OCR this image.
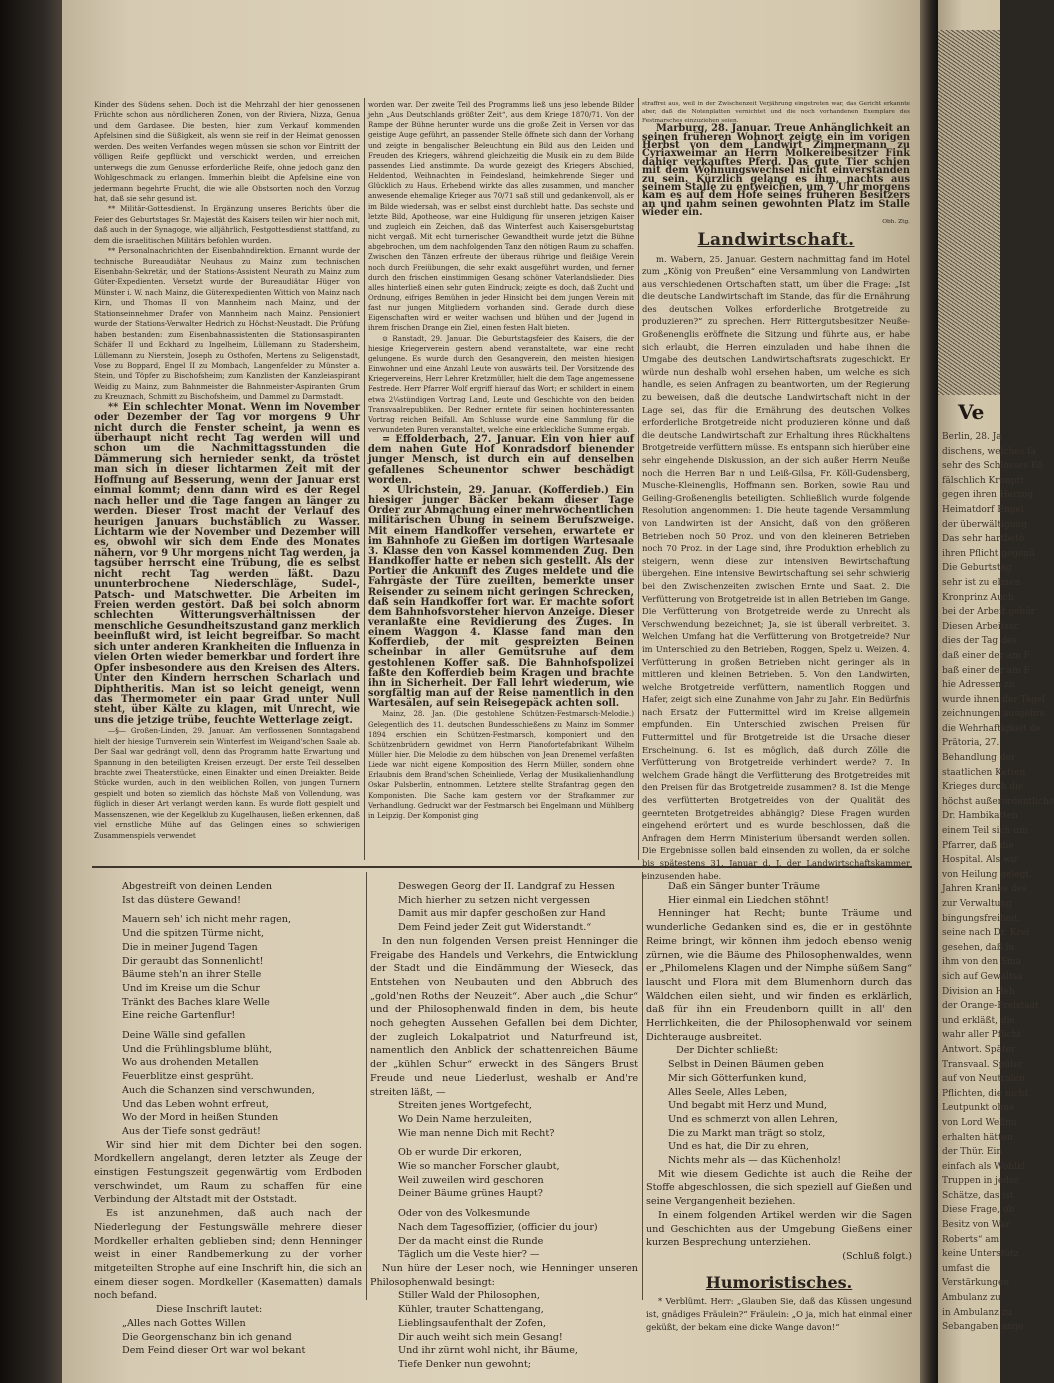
Ve
Berlin, 28. Ja
dischens, welches fa
sehr des Schlosses Kö
fälschlich Kronpri
gegen ihren Herzog
Heimatdorf Engel
der überwältigung
Das sehr hartbetö
ihren Pflicht gegenü
Die Geburtstag
sehr ist zu ebnen
Kronprinz Auch
bei der Arbeit gehör
Diesen Arbeitssc
dies der Tag des
daß einer der am F
baß einer der am F
hie Adressen zu
wurde ihnen der Tegel
zeichnungen ausgebre
die Wehrhaftigkeit de
Prätoria, 27.
Behandlung der
staatlichen Ketten
Krieges durch die
höchst außerordentliche
Dr. Hambikatten
einem Teil sich um
Pfarrer, daß die
Hospital. Als wir
von Heilung gelegt,
Jahren Kranke des
zur Verwaltung
bingungsfreiheit.
seine nach Dr. Krei
gesehen, daß in
ihm von den Sma
sich auf Gewaltsa
Division an Heh
der Orange-Freistaat
und erkläßt, die
wahr aller Pflicht
Antwort. Später
Transvaal. Spüler
auf von Neutralen
Pflichten, die nicht
Leutpunkt ohne
von Lord Wellmi
erhalten hätten
der Thür. Ein
einfach als Wohlkl
Truppen in jeder
Schätze, das ist
Diese Frage, ob
Besitz von War
Roberts“ am
keine Unterstütz
umfast die
Verstärkungen
Ambulanz zu
in Ambulanz zu
Sebangaben ange

Kinder des Südens sehen. Doch ist die Mehrzahl der hier genossenen Früchte schon aus nördlicheren Zonen, von der Riviera, Nizza, Genua und dem Gardasee. Die besten, hier zum Verkauf kommenden Apfelsinen sind die Süßigkeit, als wenn sie reif in der Heimat genossen werden. Des weiten Verfandes wegen müssen sie schon vor Eintritt der völligen Reife gepflückt und verschickt werden, und erreichen unterwegs die zum Genusse erforderliche Reife, ohne jedoch ganz den Wohlgeschmack zu erlangen. Immerhin bleibt die Apfelsine eine von jedermann begehrte Frucht, die wie alle Obstsorten noch den Vorzug hat, daß sie sehr gesund ist.

** Militär-Gottesdienst. In Ergänzung unseres Berichts über die Feier des Geburtstages Sr. Majestät des Kaisers teilen wir hier noch mit, daß auch in der Synagoge, wie alljährlich, Festgottesdienst stattfand, zu dem die israelitischen Militärs befohlen wurden.

** Personalnachrichten der Eisenbahndirektion. Ernannt wurde der technische Bureaudiätar Neuhaus zu Mainz zum technischen Eisenbahn-Sekretär, und der Stations-Assistent Neurath zu Mainz zum Güter-Expedienten. Versetzt wurde der Bureaudiätar Hüger von Münster i. W. nach Mainz, die Güterexpedienten Wittich von Mainz nach Kirn, und Thomas II von Mannheim nach Mainz, und der Stationseinnehmer Drafer von Mannheim nach Mainz. Pensioniert wurde der Stations-Verwalter Hedrich zu Höchst-Neustadt. Die Prüfung haben bestanden: zum Eisenbahnassistenten die Stationsaspiranten Schäfer II und Eckhard zu Ingelheim, Lüllemann zu Stadersheim, Lüllemann zu Nierstein, Joseph zu Osthofen, Mertens zu Seligenstadt, Vose zu Boppard, Engel II zu Mombach, Langenfelder zu Münster a. Stein, und Töpfer zu Bischofsheim; zum Kanzlisten der Kanzleiaspirant Weidig zu Mainz, zum Bahnmeister die Bahnmeister-Aspiranten Grum zu Kreuznach, Schmitt zu Bischofsheim, und Dammel zu Darmstadt.

** Ein schlechter Monat. Wenn im November oder Dezember der Tag vor morgens 9 Uhr nicht durch die Fenster scheint, ja wenn es überhaupt nicht recht Tag werden will und schon um die Nachmittagsstunden die Dämmerung sich hernieder senkt, da tröstet man sich in dieser lichtarmen Zeit mit der Hoffnung auf Besserung, wenn der Januar erst einmal kommt; denn dann wird es der Regel nach heller und die Tage fangen an länger zu werden. Dieser Trost macht der Verlauf des heurigen Januars buchstäblich zu Wasser. Lichtarm wie der November und Dezember will es, obwohl wir sich dem Ende des Monates nähern, vor 9 Uhr morgens nicht Tag werden, ja tagsüber herrscht eine Trübung, die es selbst nicht recht Tag werden läßt. Dazu ununterbrochene Niederschläge, Sudel-, Patsch- und Matschwetter. Die Arbeiten im Freien werden gestört. Daß bei solch abnorm schlechten Witterungsverhältnissen der menschliche Gesundheitszustand ganz merklich beeinflußt wird, ist leicht begreifbar. So macht sich unter anderen Krankheiten die Influenza in vielen Orten wieder bemerkbar und fordert ihre Opfer insbesondere aus den Kreisen des Alters. Unter den Kindern herrschen Scharlach und Diphtheritis. Man ist so leicht geneigt, wenn das Thermometer ein paar Grad unter Null steht, über Kälte zu klagen, mit Unrecht, wie uns die jetzige trübe, feuchte Wetterlage zeigt.

—§— Großen-Linden, 29. Januar. Am verflossenen Sonntagabend hielt der hiesige Turnverein sein Winterfest im Weigand'schen Saale ab. Der Saal war gedrängt voll, denn das Programm hatte Erwartung und Spannung in den beteiligten Kreisen erzeugt. Der erste Teil desselben brachte zwei Theaterstücke, einen Einakter und einen Dreiakter. Beide Stücke wurden, auch in den weiblichen Rollen, von jungen Turnern gespielt und boten so ziemlich das höchste Maß von Vollendung, was füglich in dieser Art verlangt werden kann. Es wurde flott gespielt und Massenszenen, wie der Kegelklub zu Kugelhausen, ließen erkennen, daß viel ernstliche Mühe auf das Gelingen eines so schwierigen Zusammenspiels verwendet

worden war. Der zweite Teil des Programms ließ uns jeso lebende Bilder jehn „Aus Deutschlands größter Zeit“, aus dem Kriege 1870/71. Von der Rampe der Bühne herunter wurde uns die große Zeit in Versen vor das geistige Auge geführt, an passender Stelle öffnete sich dann der Vorhang und zeigte in bengalischer Beleuchtung ein Bild aus den Leiden und Freuden des Kriegers, während gleichzeitig die Musik ein zu dem Bilde passendes Lied anstimmte. Da wurde gezeigt des Kriegers Abschied, Heldentod, Weihnachten in Feindesland, heimkehrende Sieger und Glücklich zu Haus. Erhebend wirkte das alles zusammen, und mancher anwesende ehemalige Krieger aus 70/71 saß still und gedankenvoll, als er im Bilde wiedersah, was er selbst einst durchlebt hatte. Das sechste und letzte Bild, Apotheose, war eine Huldigung für unseren jetzigen Kaiser und zugleich ein Zeichen, daß das Winterfest auch Kaisersgeburtstag nicht vergaß. Mit echt turnerischer Gewandtheit wurde jetzt die Bühne abgebrochen, um dem nachfolgenden Tanz den nötigen Raum zu schaffen. Zwischen den Tänzen erfreute der überaus rührige und fleißige Verein noch durch Freiübungen, die sehr exakt ausgeführt wurden, und ferner durch den frischen einstimmigen Gesang schöner Vaterlandslieder. Dies alles hinterließ einen sehr guten Eindruck; zeigte es doch, daß Zucht und Ordnung, eifriges Bemühen in jeder Hinsicht bei dem jungen Verein mit fast nur jungen Mitgliedern vorhanden sind. Gerade durch diese Eigenschaften wird er weiter wachsen und blühen und der Jugend in ihrem frischen Drange ein Ziel, einen festen Halt bieten.

⊙ Ranstadt, 29. Januar. Die Geburtstagsfeier des Kaisers, die der hiesige Kriegerverein gestern abend veranstaltete, war eine recht gelungene. Es wurde durch den Gesangverein, den meisten hiesigen Einwohner und eine Anzahl Leute von auswärts teil. Der Vorsitzende des Kriegervereins, Herr Lehrer Kretzmüller, hielt die dem Tage angemessene Festrede. Herr Pfarrer Wolf ergriff hierauf das Wort; er schildert in einem etwa 2¼stündigen Vortrag Land, Leute und Geschichte von den beiden Transvaalrepubliken. Der Redner erntete für seinen hochinteressanten Vortrag reichen Beifall. Am Schlusse wurde eine Sammlung für die verwundeten Buren veranstaltet, welche eine erkleckliche Summe ergab.

= Effolderbach, 27. Januar. Ein von hier auf dem nahen Gute Hof Konradsdorf bienender junger Mensch, ist durch ein auf denselben gefallenes Scheunentor schwer beschädigt worden.

✕ Ulrichstein, 29. Januar. (Kofferdieb.) Ein hiesiger junger Bäcker bekam dieser Tage Order zur Abmachung einer mehrwöchentlichen militärischen Übung in seinem Berufszweige. Mit einem Handkoffer versehen, erwartete er im Bahnhofe zu Gießen im dortigen Wartesaale 3. Klasse den von Kassel kommenden Zug. Den Handkoffer hatte er neben sich gestellt. Als der Portier die Ankunft des Zuges meldete und die Fahrgäste der Türe zueilten, bemerkte unser Reisender zu seinem nicht geringen Schrecken, daß sein Handkoffer fort war. Er machte sofort dem Bahnhofsvorsteher hiervon Anzeige. Dieser veranlaßte eine Revidierung des Zuges. In einem Waggon 4. Klasse fand man den Kofferdieb, der mit gespreizten Beinen scheinbar in aller Gemütsruhe auf dem gestohlenen Koffer saß. Die Bahnhofspolizei faßte den Kofferdieb beim Kragen und brachte ihn in Sicherheit. Der Fall lehrt wiederum, wie sorgfältig man auf der Reise namentlich in den Wartesälen, auf sein Reisegepäck achten soll.

Mainz, 28. Jan. (Die gestohlene Schützen-Festmarsch-Melodie.) Gelegentlich des 11. deutschen Bundesschießens zu Mainz im Sommer 1894 erschien ein Schützen-Festmarsch, komponiert und den Schützenbrüdern gewidmet von Herrn Pianofortefabrikant Wilhelm Müller hier. Die Melodie zu dem hübschen von Jean Drenemel verfaßten Liede war nicht eigene Komposition des Herrn Müller, sondern ohne Erlaubnis dem Brand'schen Scheinliede, Verlag der Musikalienhandlung Oskar Pulsberlin, entnommen. Letztere stellte Strafantrag gegen den Komponisten. Die Sache kam gestern vor der Strafkammer zur Verhandlung. Gedruckt war der Festmarsch bei Engelmann und Mühlberg in Leipzig. Der Komponist ging

straffrei aus, weil in der Zwischenzeit Verjährung eingetreten war, das Gericht erkannte aber, daß die Notenplatten vernichtet und die noch vorhandenen Exemplare des Festmarsches einzuziehen seien.

Marburg, 28. Januar. Treue Anhänglichkeit an seinen früheren Wohnort zeigte ein im vorigen Herbst von dem Landwirt Zimmermann zu Cyriaxweimar an Herrn Molkereibesitzer Fink dahier verkauftes Pferd. Das gute Tier schien mit dem Wohnungswechsel nicht einverstanden zu sein. Kürzlich gelang es ihm, nachts aus seinem Stalle zu entweichen, um 7 Uhr morgens kam es auf dem Hofe seines früheren Besitzers an und nahm seinen gewohnten Platz im Stalle wieder ein.

Obh. Ztg.

Landwirtschaft.

m. Wabern, 25. Januar. Gestern nachmittag fand im Hotel zum „König von Preußen“ eine Versammlung von Landwirten aus verschiedenen Ortschaften statt, um über die Frage: „Ist die deutsche Landwirtschaft im Stande, das für die Ernährung des deutschen Volkes erforderliche Brotgetreide zu produzieren?“ zu sprechen. Herr Rittergutsbesitzer Neuße-Großenenglis eröffnete die Sitzung und führte aus, er habe sich erlaubt, die Herren einzuladen und habe ihnen die Umgabe des deutschen Landwirtschaftsrats zugeschickt. Er würde nun deshalb wohl ersehen haben, um welche es sich handle, es seien Anfragen zu beantworten, um der Regierung zu beweisen, daß die deutsche Landwirtschaft nicht in der Lage sei, das für die Ernährung des deutschen Volkes erforderliche Brotgetreide nicht produzieren könne und daß die deutsche Landwirtschaft zur Erhaltung ihres Rückhaltens Brotgetreide verfüttern müsse. Es entspann sich hierüber eine sehr eingehende Diskussion, an der sich außer Herrn Neuße noch die Herren Bar n und Leiß-Gilsa, Fr. Köll-Gudensberg, Musche-Kleinenglis, Hoffmann sen. Borken, sowie Rau und Geiling-Großenenglis beteiligten. Schließlich wurde folgende Resolution angenommen: 1. Die heute tagende Versammlung von Landwirten ist der Ansicht, daß von den größeren Betrieben noch 50 Proz. und von den kleineren Betrieben noch 70 Proz. in der Lage sind, ihre Produktion erheblich zu steigern, wenn diese zur intensiven Bewirtschaftung übergehen. Eine intensive Bewirtschaftung sei sehr schwierig bei den Zwischenzeiten zwischen Ernte und Saat. 2. Die Verfütterung von Brotgetreide ist in allen Betrieben im Gange. Die Verfütterung von Brotgetreide werde zu Unrecht als Verschwendung bezeichnet; Ja, sie ist überall verbreitet. 3. Welchen Umfang hat die Verfütterung von Brotgetreide? Nur im Unterschied zu den Betrieben, Roggen, Spelz u. Weizen. 4. Verfütterung in großen Betrieben nicht geringer als in mittleren und kleinen Betrieben. 5. Von den Landwirten, welche Brotgetreide verfüttern, namentlich Roggen und Hafer, zeigt sich eine Zunahme von Jahr zu Jahr. Ein Bedürfnis nach Ersatz der Futtermittel wird im Kreise allgemein empfunden. Ein Unterschied zwischen Preisen für Futtermittel und für Brotgetreide ist die Ursache dieser Erscheinung. 6. Ist es möglich, daß durch Zölle die Verfütterung von Brotgetreide verhindert werde? 7. In welchem Grade hängt die Verfütterung des Brotgetreides mit den Preisen für das Brotgetreide zusammen? 8. Ist die Menge des verfütterten Brotgetreides von der Qualität des geernteten Brotgetreides abhängig? Diese Fragen wurden eingehend erörtert und es wurde beschlossen, daß die Anfragen dem Herrn Ministerium übersandt werden sollen. Die Ergebnisse sollen bald einsenden zu wollen, da er solche bis spätestens 31. Januar d. J. der Landwirtschaftskammer einzusenden habe.

Abgestreift von deinen Lenden
Ist das düstere Gewand!

Mauern seh' ich nicht mehr ragen,
Und die spitzen Türme nicht,
Die in meiner Jugend Tagen
Dir geraubt das Sonnenlicht!
Bäume steh'n an ihrer Stelle
Und im Kreise um die Schur
Tränkt des Baches klare Welle
Eine reiche Gartenflur!

Deine Wälle sind gefallen
Und die Frühlingsblume blüht,
Wo aus drohenden Metallen
Feuerblitze einst gesprüht.
Auch die Schanzen sind verschwunden,
Und das Leben wohnt erfreut,
Wo der Mord in heißen Stunden
Aus der Tiefe sonst gedräut!

Wir sind hier mit dem Dichter bei den sogen. Mordkellern angelangt, deren letzter als Zeuge der einstigen Festungszeit gegenwärtig vom Erdboden verschwindet, um Raum zu schaffen für eine Verbindung der Altstadt mit der Oststadt.

Es ist anzunehmen, daß auch nach der Niederlegung der Festungswälle mehrere dieser Mordkeller erhalten geblieben sind; denn Henninger weist in einer Randbemerkung zu der vorher mitgeteilten Strophe auf eine Inschrift hin, die sich an einem dieser sogen. Mordkeller (Kasematten) damals noch befand.

Diese Inschrift lautet:

„Alles nach Gottes Willen
Die Georgenschanz bin ich genand
Dem Feind dieser Ort war wol bekant
Deswegen Georg der II. Landgraf zu Hessen
Mich hierher zu setzen nicht vergessen
Damit aus mir dapfer geschoßen zur Hand
Dem Feind jeder Zeit gut Widerstandt.“

In den nun folgenden Versen preist Henninger die Freigabe des Handels und Verkehrs, die Entwicklung der Stadt und die Eindämmung der Wieseck, das Entstehen von Neubauten und den Abbruch des „gold'nen Roths der Neuzeit“. Aber auch „die Schur“ und der Philosophenwald finden in dem, bis heute noch gehegten Aussehen Gefallen bei dem Dichter, der zugleich Lokalpatriot und Naturfreund ist, namentlich den Anblick der schattenreichen Bäume der „kühlen Schur“ erweckt in des Sängers Brust Freude und neue Liederlust, weshalb er And're streiten läßt, —

Streiten jenes Wortgefecht,
Wo Dein Name herzuleiten,
Wie man nenne Dich mit Recht?

Ob er wurde Dir erkoren,
Wie so mancher Forscher glaubt,
Weil zuweilen wird geschoren
Deiner Bäume grünes Haupt?

Oder von des Volkesmunde
Nach dem Tagesoffizier, (officier du jour)
Der da macht einst die Runde
Täglich um die Veste hier? —

Nun hüre der Leser noch, wie Henninger unseren Philosophenwald besingt:

Stiller Wald der Philosophen,
Kühler, trauter Schattengang,
Lieblingsaufenthalt der Zofen,
Dir auch weiht sich mein Gesang!
Und ihr zürnt wohl nicht, ihr Bäume,
Tiefe Denker nun gewohnt;
Daß ein Sänger bunter Träume
Hier einmal ein Liedchen stöhnt!

Henninger hat Recht; bunte Träume und wunderliche Gedanken sind es, die er in gestöhnte Reime bringt, wir können ihm jedoch ebenso wenig zürnen, wie die Bäume des Philosophenwaldes, wenn er „Philomelens Klagen und der Nimphe süßem Sang“ lauscht und Flora mit dem Blumenhorn durch das Wäldchen eilen sieht, und wir finden es erklärlich, daß für ihn ein Freudenborn quillt in all' den Herrlichkeiten, die der Philosophenwald vor seinem Dichterauge ausbreitet.

Der Dichter schließt:

Selbst in Deinen Bäumen geben
Mir sich Götterfunken kund,
Alles Seele, Alles Leben,
Und begabt mit Herz und Mund,
Und es schmerzt von allen Lehren,
Die zu Markt man trägt so stolz,
Und es hat, die Dir zu ehren,
Nichts mehr als — das Küchenholz!

Mit wie diesem Gedichte ist auch die Reihe der Stoffe abgeschlossen, die sich speziell auf Gießen und seine Vergangenheit beziehen.

In einem folgenden Artikel werden wir die Sagen und Geschichten aus der Umgebung Gießens einer kurzen Besprechung unterziehen.

(Schluß folgt.)

Humoristisches.

* Verblümt. Herr: „Glauben Sie, daß das Küssen ungesund ist, gnädiges Fräulein?“ Fräulein: „O ja, mich hat einmal einer geküßt, der bekam eine dicke Wange davon!“
